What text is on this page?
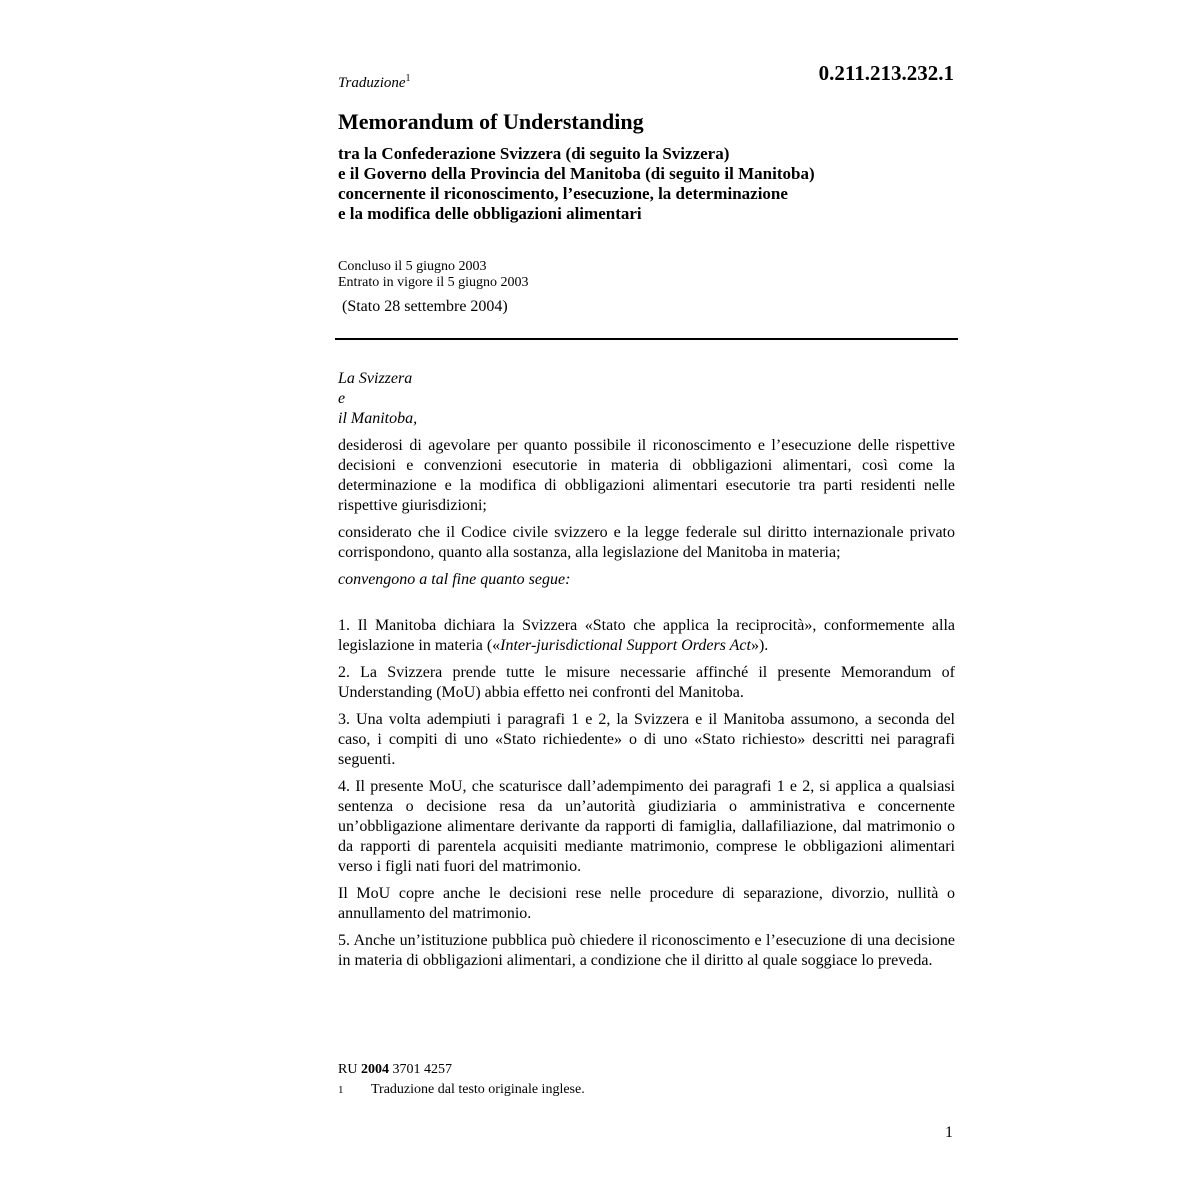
Traduzione$^1$	0.211.213.232.1
Memorandum of Understanding
tra la Confederazione Svizzera (di seguito la Svizzera)
e il Governo della Provincia del Manitoba (di seguito il Manitoba)
concernente il riconoscimento, l’esecuzione, la determinazione
e la modifica delle obbligazioni alimentari
Concluso il 5 giugno 2003
Entrato in vigore il 5 giugno 2003
(Stato 28 settembre 2004)
La Svizzera
e
il Manitoba,

desiderosi di agevolare per quanto possibile il riconoscimento e l’esecuzione delle rispettive decisioni e convenzioni esecutorie in materia di obbligazioni alimentari, così come la determinazione e la modifica di obbligazioni alimentari esecutorie tra parti residenti nelle rispettive giurisdizioni;

considerato che il Codice civile svizzero e la legge federale sul diritto internazionale privato corrispondono, quanto alla sostanza, alla legislazione del Manitoba in materia;

convengono a tal fine quanto segue:

1. Il Manitoba dichiara la Svizzera «Stato che applica la reciprocità», conformemente alla legislazione in materia («Inter-jurisdictional Support Orders Act»).

2. La Svizzera prende tutte le misure necessarie affinché il presente Memorandum of Understanding (MoU) abbia effetto nei confronti del Manitoba.

3. Una volta adempiuti i paragrafi 1 e 2, la Svizzera e il Manitoba assumono, a seconda del caso, i compiti di uno «Stato richiedente» o di uno «Stato richiesto» descritti nei paragrafi seguenti.

4. Il presente MoU, che scaturisce dall’adempimento dei paragrafi 1 e 2, si applica a qualsiasi sentenza o decisione resa da un’autorità giudiziaria o amministrativa e concernente un’obbligazione alimentare derivante da rapporti di famiglia, dallafiliazione, dal matrimonio o da rapporti di parentela acquisiti mediante matrimonio, comprese le obbligazioni alimentari verso i figli nati fuori del matrimonio.

Il MoU copre anche le decisioni rese nelle procedure di separazione, divorzio, nullità o annullamento del matrimonio.

5. Anche un’istituzione pubblica può chiedere il riconoscimento e l’esecuzione di una decisione in materia di obbligazioni alimentari, a condizione che il diritto al quale soggiace lo preveda.

RU 2004 3701 4257
1 Traduzione dal testo originale inglese.
1
